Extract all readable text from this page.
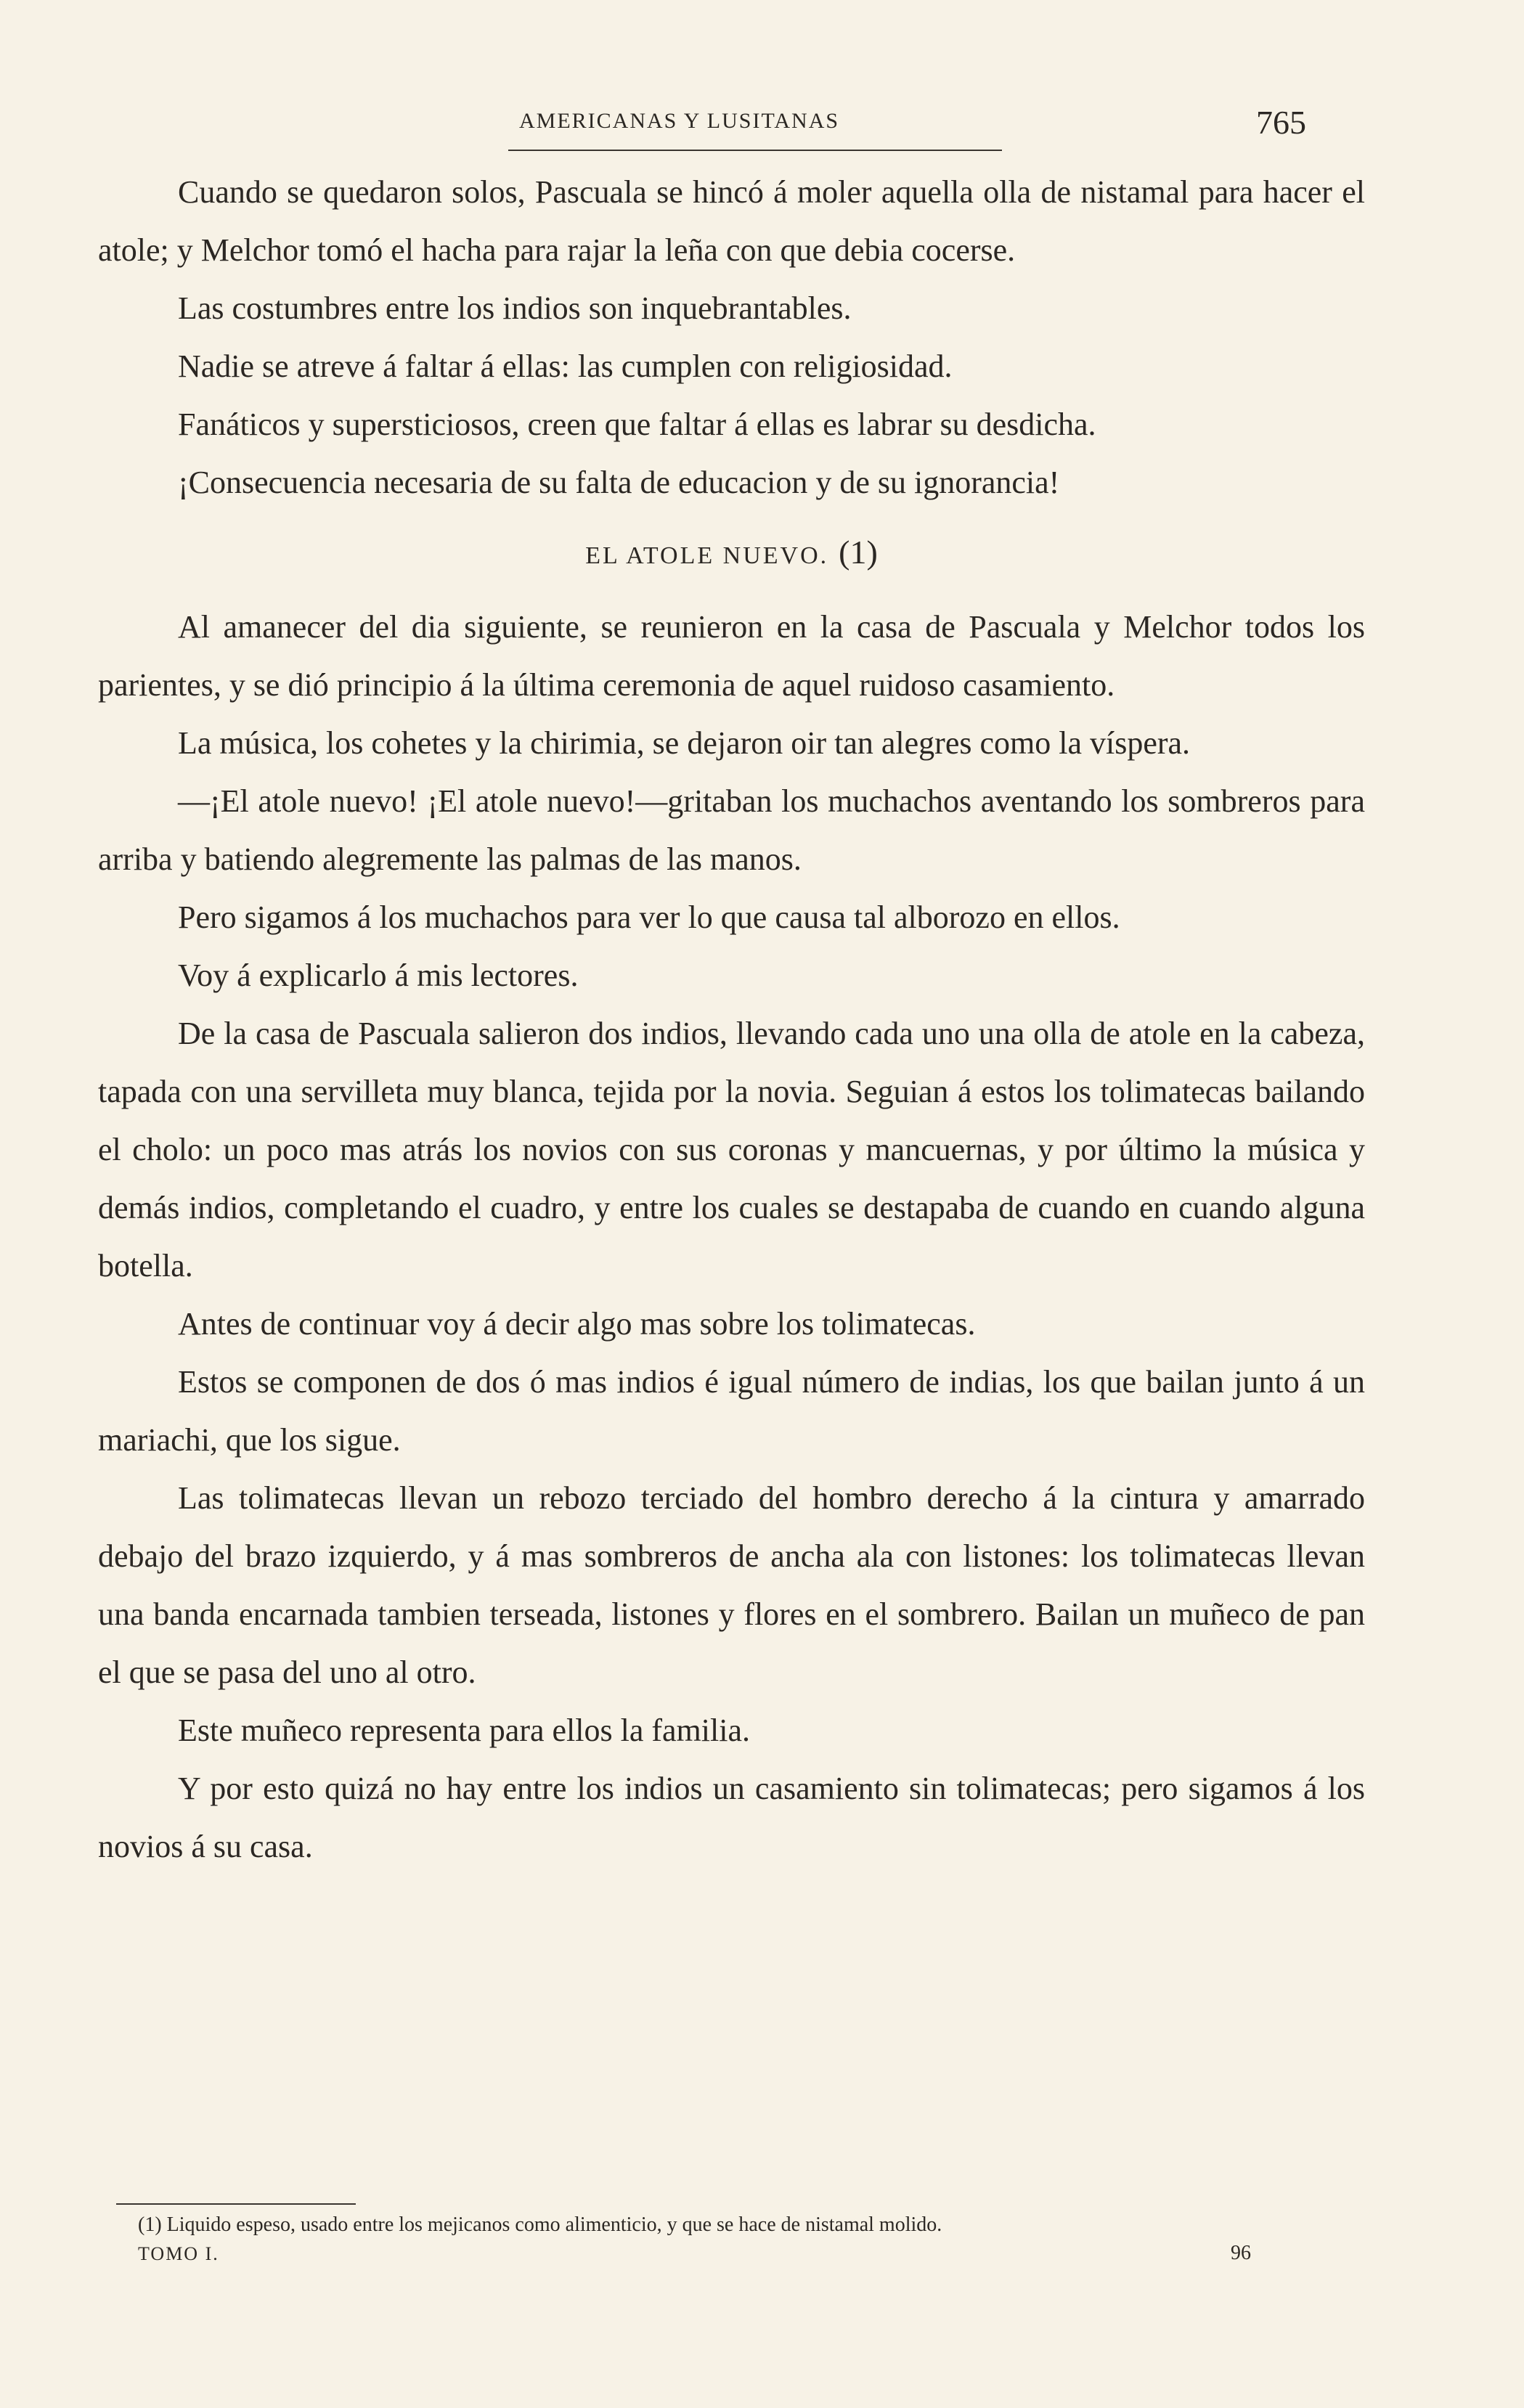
AMERICANAS Y LUSITANAS	765

Cuando se quedaron solos, Pascuala se hincó á moler aquella olla de nistamal para hacer el atole; y Melchor tomó el hacha para rajar la leña con que debia cocerse.

Las costumbres entre los indios son inquebrantables.

Nadie se atreve á faltar á ellas: las cumplen con religiosidad.

Fanáticos y supersticiosos, creen que faltar á ellas es labrar su desdicha.

¡Consecuencia necesaria de su falta de educacion y de su ignorancia!

EL ATOLE NUEVO. (1)

Al amanecer del dia siguiente, se reunieron en la casa de Pascuala y Melchor todos los parientes, y se dió principio á la última ceremonia de aquel ruidoso casamiento.

La música, los cohetes y la chirimia, se dejaron oir tan alegres como la víspera.

—¡El atole nuevo! ¡El atole nuevo!—gritaban los muchachos aventando los sombreros para arriba y batiendo alegremente las palmas de las manos.

Pero sigamos á los muchachos para ver lo que causa tal alborozo en ellos.

Voy á explicarlo á mis lectores.

De la casa de Pascuala salieron dos indios, llevando cada uno una olla de atole en la cabeza, tapada con una servilleta muy blanca, tejida por la novia. Seguian á estos los tolimatecas bailando el cholo: un poco mas atrás los novios con sus coronas y mancuernas, y por último la música y demás indios, completando el cuadro, y entre los cuales se destapaba de cuando en cuando alguna botella.

Antes de continuar voy á decir algo mas sobre los tolimatecas.

Estos se componen de dos ó mas indios é igual número de indias, los que bailan junto á un mariachi, que los sigue.

Las tolimatecas llevan un rebozo terciado del hombro derecho á la cintura y amarrado debajo del brazo izquierdo, y á mas sombreros de ancha ala con listones: los tolimatecas llevan una banda encarnada tambien terseada, listones y flores en el sombrero. Bailan un muñeco de pan el que se pasa del uno al otro.

Este muñeco representa para ellos la familia.

Y por esto quizá no hay entre los indios un casamiento sin tolimatecas; pero sigamos á los novios á su casa.

(1) Liquido espeso, usado entre los mejicanos como alimenticio, y que se hace de nistamal molido.
TOMO I.	96
